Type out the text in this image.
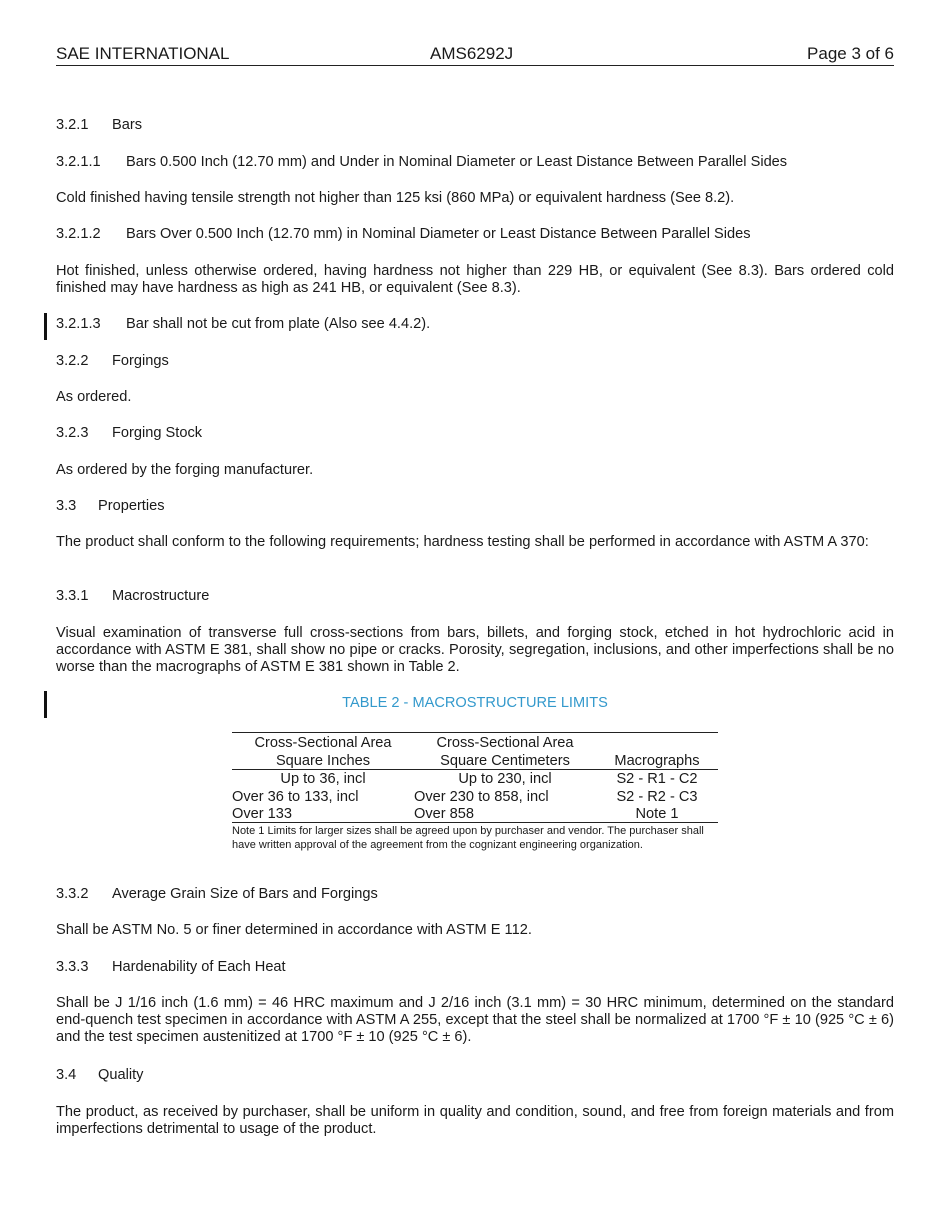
SAE INTERNATIONAL	AMS6292J	Page 3 of 6
3.2.1 Bars
3.2.1.1 Bars 0.500 Inch (12.70 mm) and Under in Nominal Diameter or Least Distance Between Parallel Sides
Cold finished having tensile strength not higher than 125 ksi (860 MPa) or equivalent hardness (See 8.2).
3.2.1.2 Bars Over 0.500 Inch (12.70 mm) in Nominal Diameter or Least Distance Between Parallel Sides
Hot finished, unless otherwise ordered, having hardness not higher than 229 HB, or equivalent (See 8.3). Bars ordered cold finished may have hardness as high as 241 HB, or equivalent (See 8.3).
3.2.1.3 Bar shall not be cut from plate (Also see 4.4.2).
3.2.2 Forgings
As ordered.
3.2.3 Forging Stock
As ordered by the forging manufacturer.
3.3 Properties
The product shall conform to the following requirements; hardness testing shall be performed in accordance with ASTM A 370:
3.3.1 Macrostructure
Visual examination of transverse full cross-sections from bars, billets, and forging stock, etched in hot hydrochloric acid in accordance with ASTM E 381, shall show no pipe or cracks. Porosity, segregation, inclusions, and other imperfections shall be no worse than the macrographs of ASTM E 381 shown in Table 2.
TABLE 2 - MACROSTRUCTURE LIMITS
Cross-Sectional Area	Cross-Sectional Area
Square Inches	Square Centimeters	Macrographs
Up to 36, incl	Up to 230, incl	S2 - R1 - C2
Over 36 to 133, incl	Over 230 to 858, incl	S2 - R2 - C3
Over 133	Over 858	Note 1
Note 1 Limits for larger sizes shall be agreed upon by purchaser and vendor. The purchaser shall have written approval of the agreement from the cognizant engineering organization.
3.3.2 Average Grain Size of Bars and Forgings
Shall be ASTM No. 5 or finer determined in accordance with ASTM E 112.
3.3.3 Hardenability of Each Heat
Shall be J 1/16 inch (1.6 mm) = 46 HRC maximum and J 2/16 inch (3.1 mm) = 30 HRC minimum, determined on the standard end-quench test specimen in accordance with ASTM A 255, except that the steel shall be normalized at 1700 °F ± 10 (925 °C ± 6) and the test specimen austenitized at 1700 °F ± 10 (925 °C ± 6).
3.4 Quality
The product, as received by purchaser, shall be uniform in quality and condition, sound, and free from foreign materials and from imperfections detrimental to usage of the product.
